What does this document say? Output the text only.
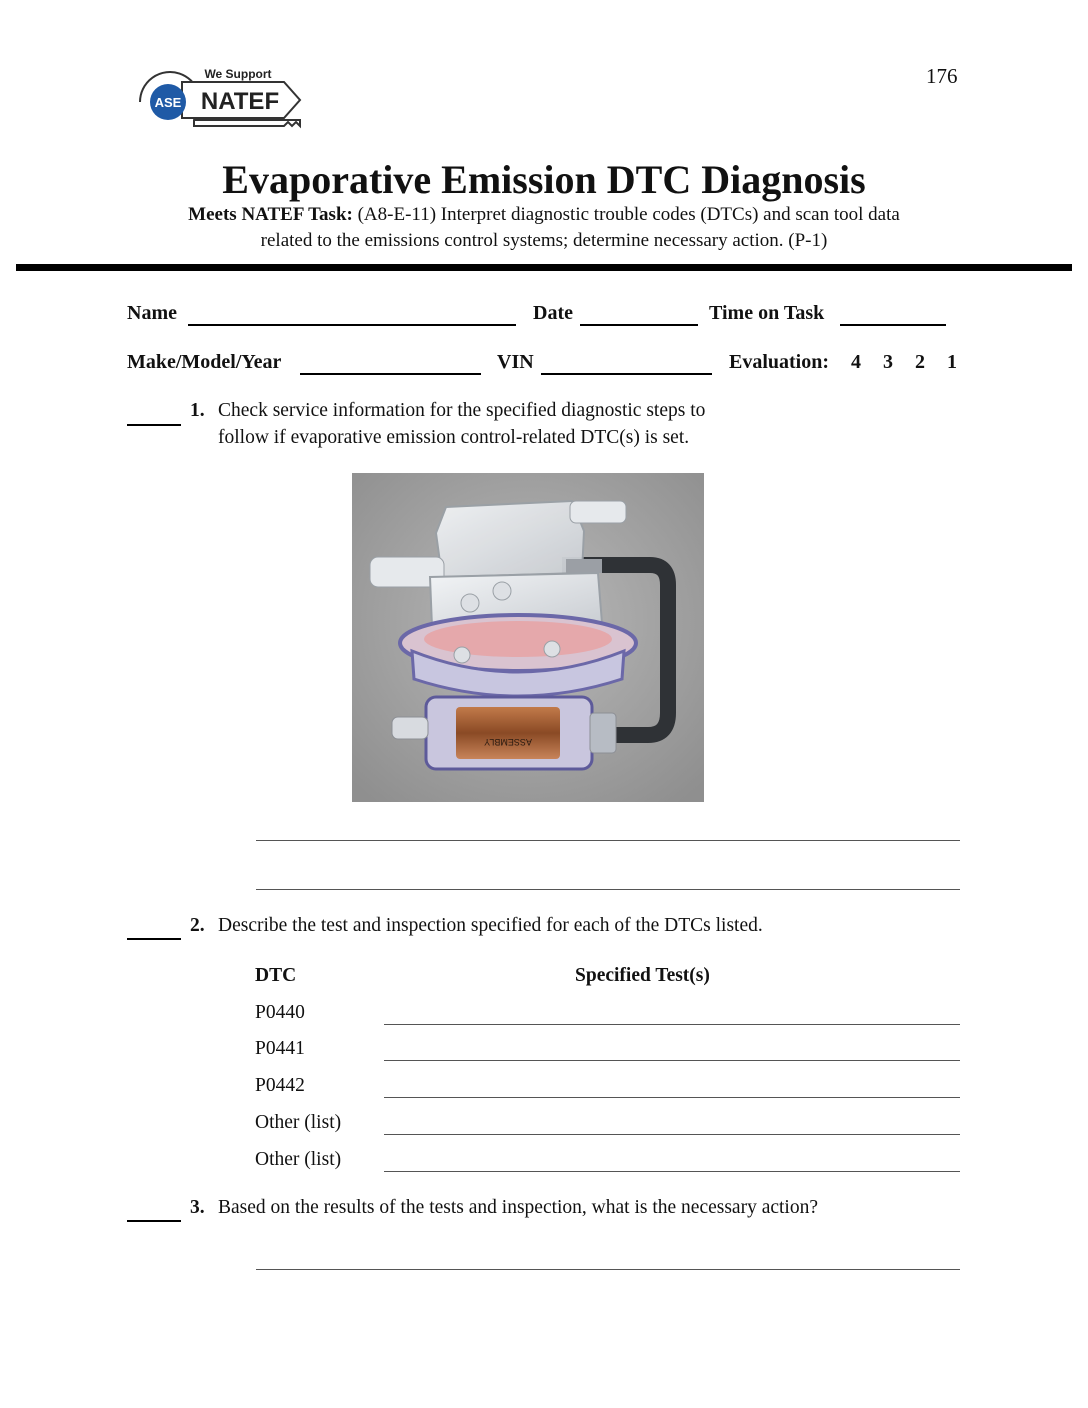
ASE
We Support
NATEF
176
Evaporative Emission DTC Diagnosis
Meets NATEF Task: (A8-E-11) Interpret diagnostic trouble codes (DTCs) and scan tool data
related to the emissions control systems; determine necessary action. (P-1)
Name	Date	Time on Task
Make/Model/Year	VIN	Evaluation:	4 3 2 1
1. Check service information for the specified diagnostic steps to
follow if evaporative emission control-related DTC(s) is set.
ASSEMBLY
2. Describe the test and inspection specified for each of the DTCs listed.
DTC	Specified Test(s)
P0440
P0441
P0442
Other (list)
Other (list)
3. Based on the results of the tests and inspection, what is the necessary action?
